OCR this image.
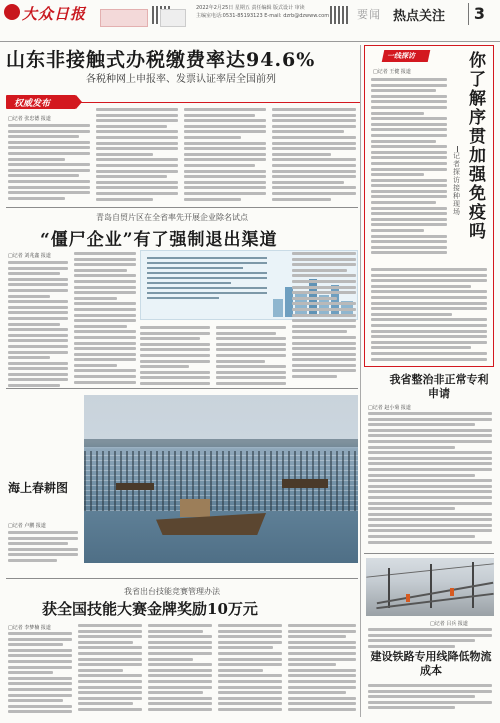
大众日报	2022年2月25日 星期五 责任编辑 版式设计 审读
主编室电话:0531-85193123 E-mail: dzrb@dzwww.com	要闻 热点关注	3
山东非接触式办税缴费率达94.6%
各税种网上申报率、发票认证率居全国前列
权威发布
□记者 张忠德 报道
青岛自贸片区在全省率先开展企业除名试点
“僵尸企业”有了强制退出渠道
□记者 刘兆鑫 报道
海上春耕图
□记者 卢鹏 报道
我省出台技能竞赛管理办法
获全国技能大赛金牌奖励10万元
□记者 李梦楠 报道
一线探访	你了解序贯加强免疫吗
记者探访接种现场
□记者 王健 报道
我省整治非正常专利申请
□记者 赵小菊 报道
□记者 吕兵 报道
建设铁路专用线降低物流成本
